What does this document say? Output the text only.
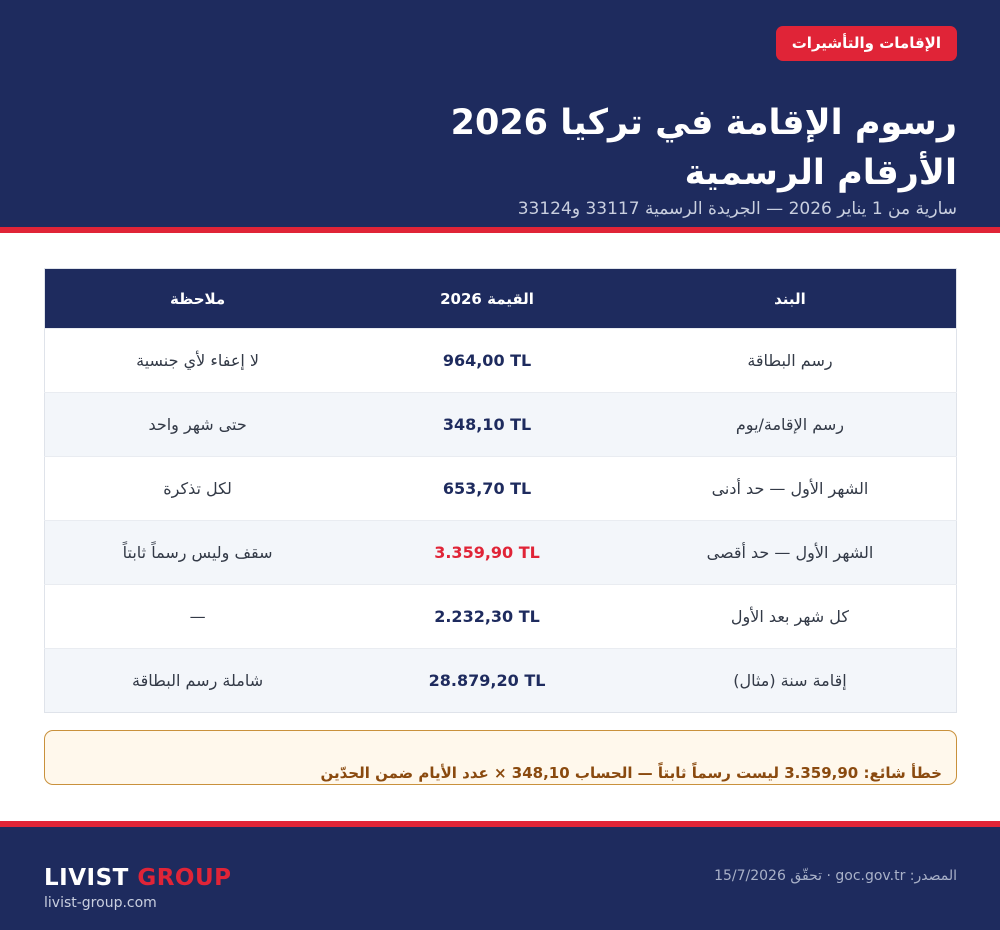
الإقامات والتأشيرات
رسوم الإقامة في تركيا 2026
الأرقام الرسمية
سارية من 1 يناير 2026 — الجريدة الرسمية 33117 و33124
البند	القيمة 2026	ملاحظة
رسم البطاقة	964,00 TL	لا إعفاء لأي جنسية
رسم الإقامة/يوم	348,10 TL	حتى شهر واحد
الشهر الأول — حد أدنى	653,70 TL	لكل تذكرة
الشهر الأول — حد أقصى	3.359,90 TL	سقف وليس رسماً ثابتاً
كل شهر بعد الأول	2.232,30 TL	—
إقامة سنة (مثال)	28.879,20 TL	شاملة رسم البطاقة
خطأ شائع: 3.359,90 ليست رسماً ثابتاً — الحساب 348,10 × عدد الأيام ضمن الحدّين
LIVIST GROUP
livist-group.com
المصدر: goc.gov.tr · تحقّق 15/7/2026
